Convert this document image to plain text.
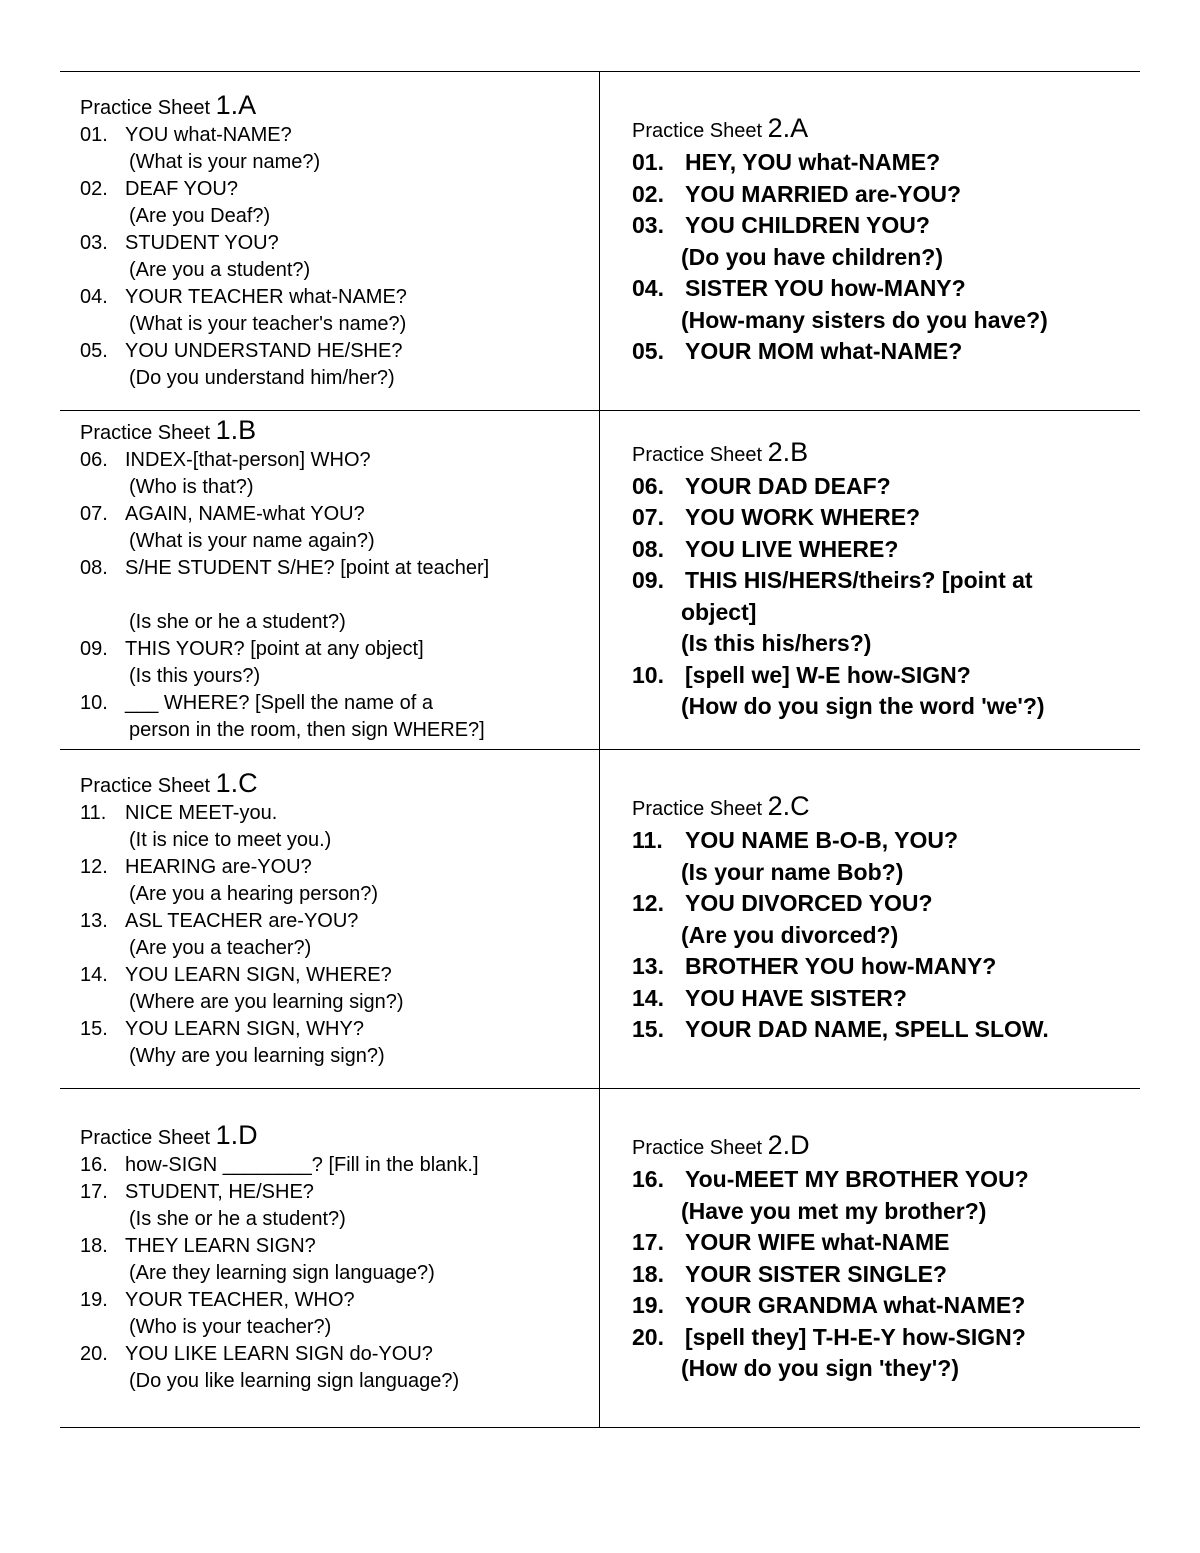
Practice Sheet 1.A
01. YOU what-NAME?
(What is your name?)
02. DEAF YOU?
(Are you Deaf?)
03. STUDENT YOU?
(Are you a student?)
04. YOUR TEACHER what-NAME?
(What is your teacher's name?)
05. YOU UNDERSTAND HE/SHE?
(Do you understand him/her?)
Practice Sheet 2.A
01. HEY, YOU what-NAME?
02. YOU MARRIED are-YOU?
03. YOU CHILDREN YOU?
(Do you have children?)
04. SISTER YOU how-MANY?
(How-many sisters do you have?)
05. YOUR MOM what-NAME?
Practice Sheet 1.B
06. INDEX-[that-person] WHO?
(Who is that?)
07. AGAIN, NAME-what YOU?
(What is your name again?)
08. S/HE STUDENT S/HE? [point at teacher]
(Is she or he a student?)
09. THIS YOUR? [point at any object]
(Is this yours?)
10. ___ WHERE? [Spell the name of a
person in the room, then sign WHERE?]
Practice Sheet 2.B
06. YOUR DAD DEAF?
07. YOU WORK WHERE?
08. YOU LIVE WHERE?
09. THIS HIS/HERS/theirs? [point at
object]
(Is this his/hers?)
10. [spell we] W-E how-SIGN?
(How do you sign the word 'we'?)
Practice Sheet 1.C
11. NICE MEET-you.
(It is nice to meet you.)
12. HEARING are-YOU?
(Are you a hearing person?)
13. ASL TEACHER are-YOU?
(Are you a teacher?)
14. YOU LEARN SIGN, WHERE?
(Where are you learning sign?)
15. YOU LEARN SIGN, WHY?
(Why are you learning sign?)
Practice Sheet 2.C
11. YOU NAME B-O-B, YOU?
(Is your name Bob?)
12. YOU DIVORCED YOU?
(Are you divorced?)
13. BROTHER YOU how-MANY?
14. YOU HAVE SISTER?
15. YOUR DAD NAME, SPELL SLOW.
Practice Sheet 1.D
16. how-SIGN ________? [Fill in the blank.]
17. STUDENT, HE/SHE?
(Is she or he a student?)
18. THEY LEARN SIGN?
(Are they learning sign language?)
19. YOUR TEACHER, WHO?
(Who is your teacher?)
20. YOU LIKE LEARN SIGN do-YOU?
(Do you like learning sign language?)
Practice Sheet 2.D
16. You-MEET MY BROTHER YOU?
(Have you met my brother?)
17. YOUR WIFE what-NAME
18. YOUR SISTER SINGLE?
19. YOUR GRANDMA what-NAME?
20. [spell they] T-H-E-Y how-SIGN?
(How do you sign 'they'?)
